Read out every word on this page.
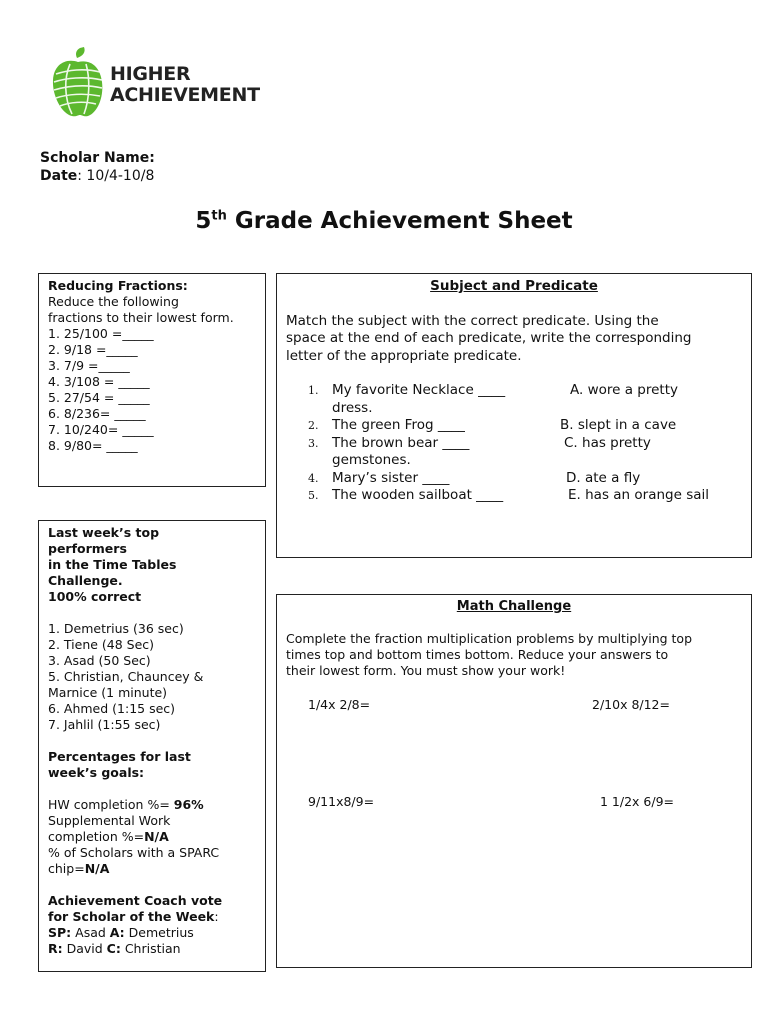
HIGHER
ACHIEVEMENT
Scholar Name:
Date: 10/4-10/8
5th Grade Achievement Sheet
Reducing Fractions:
Reduce the following
fractions to their lowest form.
1. 25/100 =_____
2. 9/18 =_____
3. 7/9 =_____
4. 3/108 = _____
5. 27/54 = _____
6. 8/236= _____
7. 10/240= _____
8. 9/80= _____
Subject and Predicate
Match the subject with the correct predicate. Using the
space at the end of each predicate, write the corresponding
letter of the appropriate predicate.
1. My favorite Necklace ____	A. wore a pretty
dress.
2. The green Frog ____	B. slept in a cave
3. The brown bear ____	C. has pretty
gemstones.
4. Mary’s sister ____	D. ate a fly
5. The wooden sailboat ____	E. has an orange sail
Last week’s top
performers
in the Time Tables
Challenge.
100% correct
1. Demetrius (36 sec)
2. Tiene (48 Sec)
3. Asad (50 Sec)
5. Christian, Chauncey &
Marnice (1 minute)
6. Ahmed (1:15 sec)
7. Jahlil (1:55 sec)
Percentages for last
week’s goals:
HW completion %= 96%
Supplemental Work
completion %=N/A
% of Scholars with a SPARC
chip=N/A
Achievement Coach vote
for Scholar of the Week:
SP: Asad A: Demetrius
R: David C: Christian
Math Challenge
Complete the fraction multiplication problems by multiplying top
times top and bottom times bottom. Reduce your answers to
their lowest form. You must show your work!
1/4x 2/8=	2/10x 8/12=
9/11x8/9=	1 1/2x 6/9=
